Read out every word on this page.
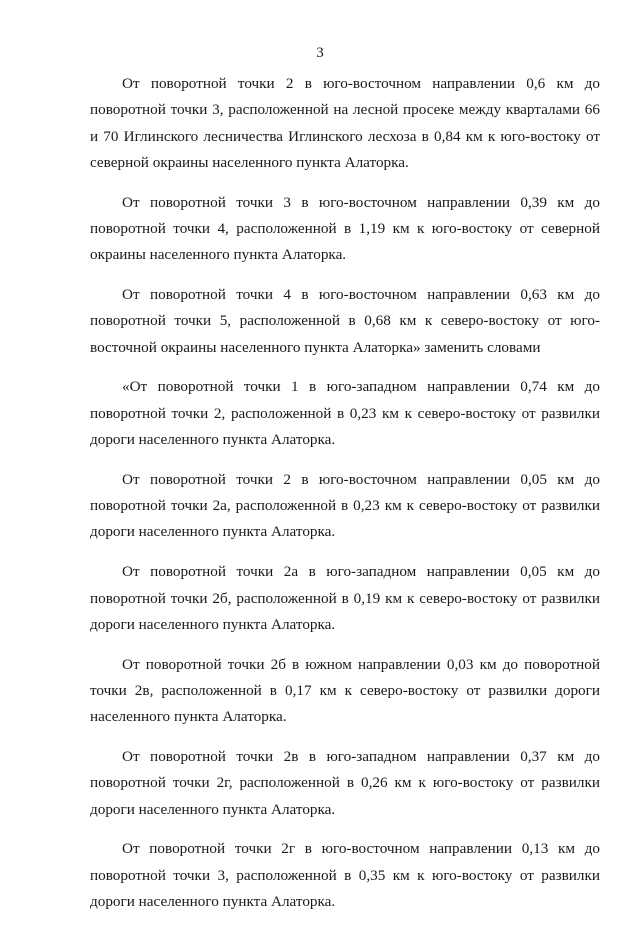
3

От поворотной точки 2 в юго-восточном направлении 0,6 км до поворотной точки 3, расположенной на лесной просеке между кварталами 66 и 70 Иглинского лесничества Иглинского лесхоза в 0,84 км к юго-востоку от северной окраины населенного пункта Алаторка.

От поворотной точки 3 в юго-восточном направлении 0,39 км до поворотной точки 4, расположенной в 1,19 км к юго-востоку от северной окраины населенного пункта Алаторка.

От поворотной точки 4 в юго-восточном направлении 0,63 км до поворотной точки 5, расположенной в 0,68 км к северо-востоку от юго-восточной окраины населенного пункта Алаторка» заменить словами

«От поворотной точки 1 в юго-западном направлении 0,74 км до поворотной точки 2, расположенной в 0,23 км к северо-востоку от развилки дороги населенного пункта Алаторка.

От поворотной точки 2 в юго-восточном направлении 0,05 км до поворотной точки 2а, расположенной в 0,23 км к северо-востоку от развилки дороги населенного пункта Алаторка.

От поворотной точки 2а в юго-западном направлении 0,05 км до поворотной точки 2б, расположенной в 0,19 км к северо-востоку от развилки дороги населенного пункта Алаторка.

От поворотной точки 2б в южном направлении 0,03 км до поворотной точки 2в, расположенной в 0,17 км к северо-востоку от развилки дороги населенного пункта Алаторка.

От поворотной точки 2в в юго-западном направлении 0,37 км до поворотной точки 2г, расположенной в 0,26 км к юго-востоку от развилки дороги населенного пункта Алаторка.

От поворотной точки 2г в юго-восточном направлении 0,13 км до поворотной точки 3, расположенной в 0,35 км к юго-востоку от развилки дороги населенного пункта Алаторка.
